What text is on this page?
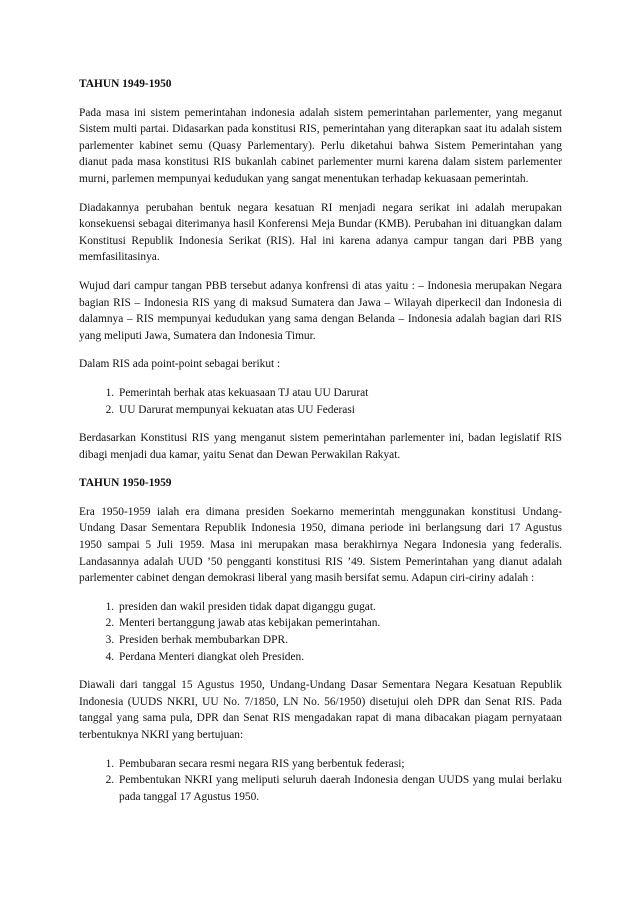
TAHUN 1949-1950

Pada masa ini sistem pemerintahan indonesia adalah sistem pemerintahan parlementer, yang meganut Sistem multi partai. Didasarkan pada konstitusi RIS, pemerintahan yang diterapkan saat itu adalah sistem parlementer kabinet semu (Quasy Parlementary). Perlu diketahui bahwa Sistem Pemerintahan yang dianut pada masa konstitusi RIS bukanlah cabinet parlementer murni karena dalam sistem parlementer murni, parlemen mempunyai kedudukan yang sangat menentukan terhadap kekuasaan pemerintah.

Diadakannya perubahan bentuk negara kesatuan RI menjadi negara serikat ini adalah merupakan konsekuensi sebagai diterimanya hasil Konferensi Meja Bundar (KMB). Perubahan ini dituangkan dalam Konstitusi Republik Indonesia Serikat (RIS). Hal ini karena adanya campur tangan dari PBB yang memfasilitasinya.

Wujud dari campur tangan PBB tersebut adanya konfrensi di atas yaitu : – Indonesia merupakan Negara bagian RIS – Indonesia RIS yang di maksud Sumatera dan Jawa – Wilayah diperkecil dan Indonesia di dalamnya – RIS mempunyai kedudukan yang sama dengan Belanda – Indonesia adalah bagian dari RIS yang meliputi Jawa, Sumatera dan Indonesia Timur.

Dalam RIS ada point-point sebagai berikut :

1. Pemerintah berhak atas kekuasaan TJ atau UU Darurat
2. UU Darurat mempunyai kekuatan atas UU Federasi

Berdasarkan Konstitusi RIS yang menganut sistem pemerintahan parlementer ini, badan legislatif RIS dibagi menjadi dua kamar, yaitu Senat dan Dewan Perwakilan Rakyat.

TAHUN 1950-1959

Era 1950-1959 ialah era dimana presiden Soekarno memerintah menggunakan konstitusi Undang-Undang Dasar Sementara Republik Indonesia 1950, dimana periode ini berlangsung dari 17 Agustus 1950 sampai 5 Juli 1959. Masa ini merupakan masa berakhirnya Negara Indonesia yang federalis. Landasannya adalah UUD ’50 pengganti konstitusi RIS ’49. Sistem Pemerintahan yang dianut adalah parlementer cabinet dengan demokrasi liberal yang masih bersifat semu. Adapun ciri-ciriny adalah :

1. presiden dan wakil presiden tidak dapat diganggu gugat.
2. Menteri bertanggung jawab atas kebijakan pemerintahan.
3. Presiden berhak membubarkan DPR.
4. Perdana Menteri diangkat oleh Presiden.

Diawali dari tanggal 15 Agustus 1950, Undang-Undang Dasar Sementara Negara Kesatuan Republik Indonesia (UUDS NKRI, UU No. 7/1850, LN No. 56/1950) disetujui oleh DPR dan Senat RIS. Pada tanggal yang sama pula, DPR dan Senat RIS mengadakan rapat di mana dibacakan piagam pernyataan terbentuknya NKRI yang bertujuan:

1. Pembubaran secara resmi negara RIS yang berbentuk federasi;
2. Pembentukan NKRI yang meliputi seluruh daerah Indonesia dengan UUDS yang mulai berlaku pada tanggal 17 Agustus 1950.
